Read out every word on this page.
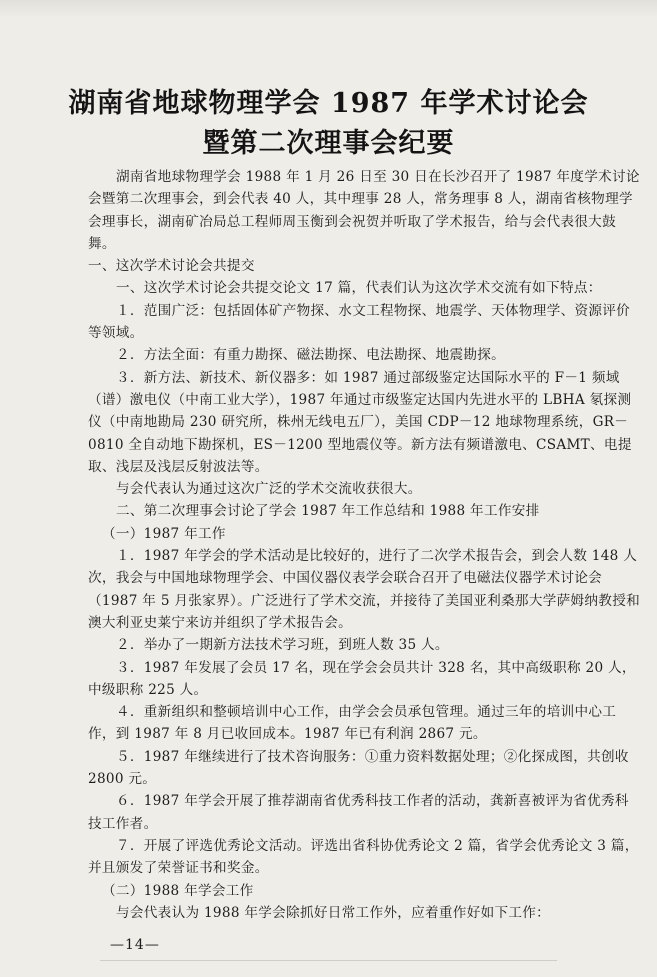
湖南省地球物理学会 1987 年学术讨论会
暨第二次理事会纪要

湖南省地球物理学会 1988 年 1 月 26 日至 30 日在长沙召开了 1987 年度学术讨论会暨第二次理事会，到会代表 40 人，其中理事 28 人，常务理事 8 人，湖南省核物理学会理事长，湖南矿冶局总工程师周玉衡到会祝贺并听取了学术报告，给与会代表很大鼓舞。

一、这次学术讨论会共提交

一、这次学术讨论会共提交论文 17 篇，代表们认为这次学术交流有如下特点：

１．范围广泛：包括固体矿产物探、水文工程物探、地震学、天体物理学、资源评价等领域。

２．方法全面：有重力勘探、磁法勘探、电法勘探、地震勘探。

３．新方法、新技术、新仪器多：如 1987 通过部级鉴定达国际水平的 F－1 频域（谱）激电仪（中南工业大学），1987 年通过市级鉴定达国内先进水平的 LBHA 氡探测仪（中南地勘局 230 研究所，株州无线电五厂），美国 CDP－12 地球物理系统，GR－0810 全自动地下勘探机，ES－1200 型地震仪等。新方法有频谱激电、CSAMT、电提取、浅层及浅层反射波法等。

与会代表认为通过这次广泛的学术交流收获很大。

二、第二次理事会讨论了学会 1987 年工作总结和 1988 年工作安排

（一）1987 年工作

１．1987 年学会的学术活动是比较好的，进行了二次学术报告会，到会人数 148 人次，我会与中国地球物理学会、中国仪器仪表学会联合召开了电磁法仪器学术讨论会（1987 年 5 月张家界）。广泛进行了学术交流，并接待了美国亚利桑那大学萨姆纳教授和澳大利亚史莱宁来访并组织了学术报告会。

２．举办了一期新方法技术学习班，到班人数 35 人。

３．1987 年发展了会员 17 名，现在学会会员共计 328 名，其中高级职称 20 人，中级职称 225 人。

４．重新组织和整顿培训中心工作，由学会会员承包管理。通过三年的培训中心工作，到 1987 年 8 月已收回成本。1987 年已有利润 2867 元。

５．1987 年继续进行了技术咨询服务：①重力资料数据处理；②化探成图，共创收 2800 元。

６．1987 年学会开展了推荐湖南省优秀科技工作者的活动，龚新喜被评为省优秀科技工作者。

７．开展了评选优秀论文活动。评选出省科协优秀论文 2 篇，省学会优秀论文 3 篇，并且颁发了荣誉证书和奖金。

（二）1988 年学会工作

与会代表认为 1988 年学会除抓好日常工作外，应着重作好如下工作：

—14—
